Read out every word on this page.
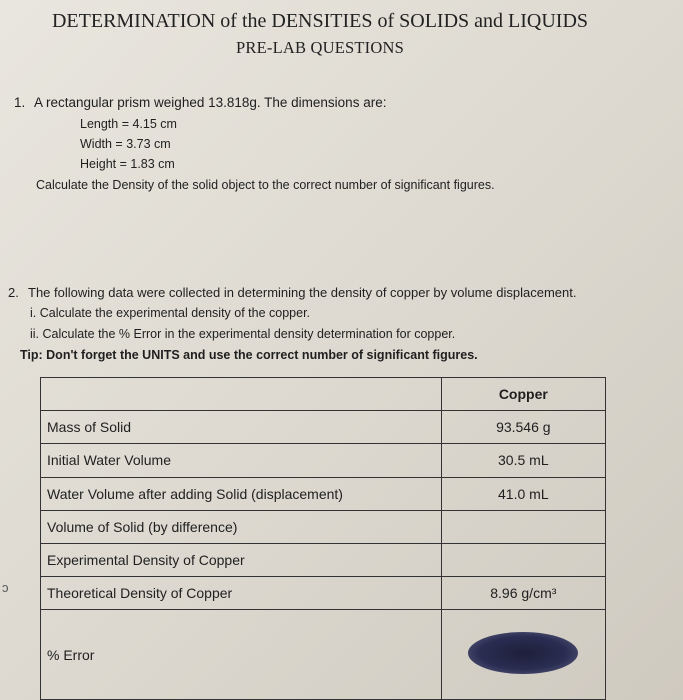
DETERMINATION of the DENSITIES of SOLIDS and LIQUIDS
PRE-LAB QUESTIONS
1. A rectangular prism weighed 13.818g. The dimensions are:
Length = 4.15 cm
Width = 3.73 cm
Height = 1.83 cm
Calculate the Density of the solid object to the correct number of significant figures.
2. The following data were collected in determining the density of copper by volume displacement.
i. Calculate the experimental density of the copper.
ii. Calculate the % Error in the experimental density determination for copper.
Tip: Don't forget the UNITS and use the correct number of significant figures.
	Copper
Mass of Solid	93.546 g
Initial Water Volume	30.5 mL
Water Volume after adding Solid (displacement)	41.0 mL
Volume of Solid (by difference)	
Experimental Density of Copper	
Theoretical Density of Copper	8.96 g/cm³
% Error	
ↄ
